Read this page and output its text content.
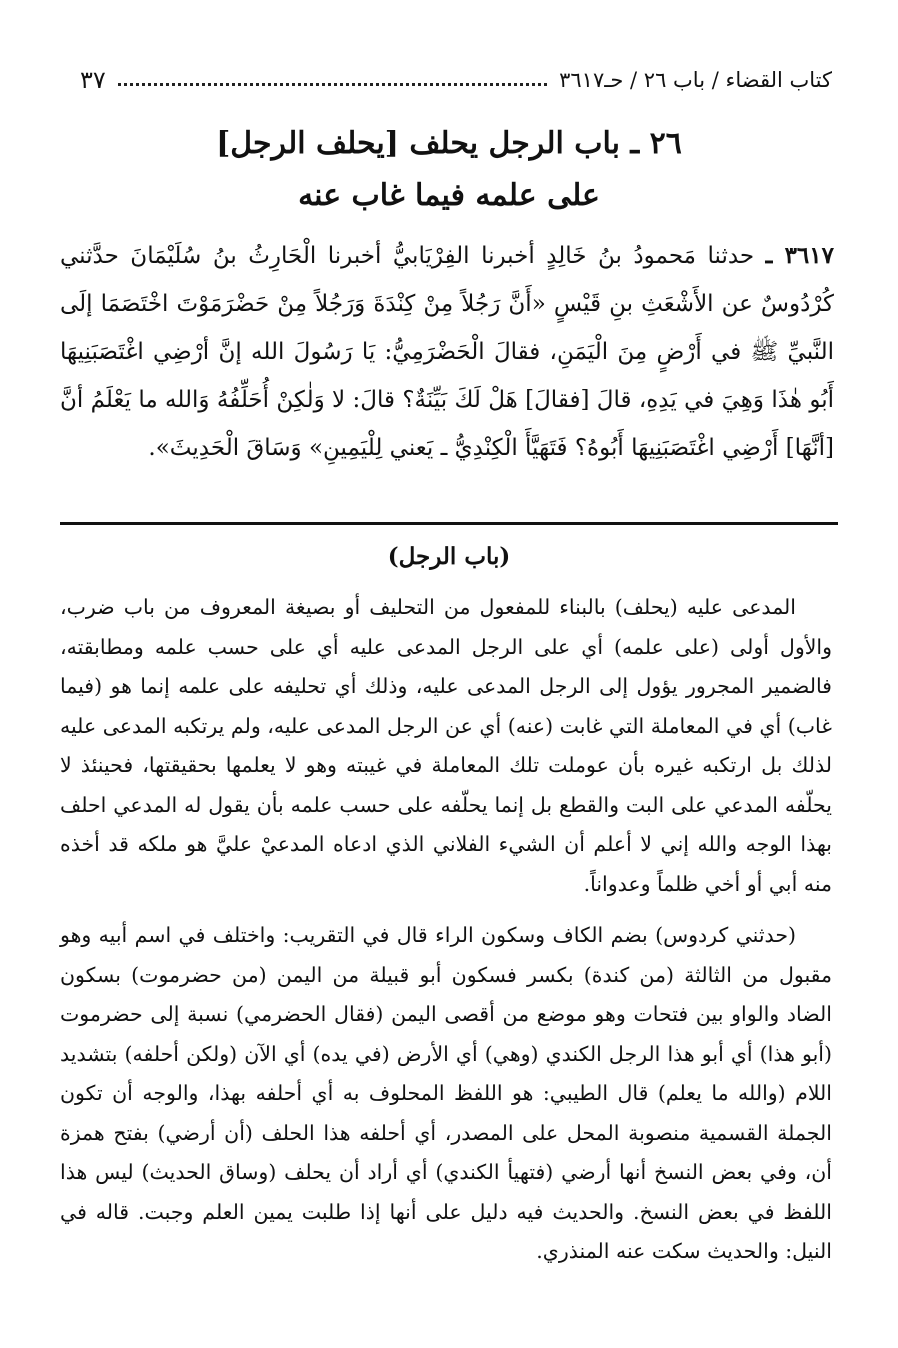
كتاب القضاء / باب ٢٦ / حـ٣٦١٧
٣٧
٢٦ ـ باب الرجل يحلف [يحلف الرجل]
على علمه فيما غاب عنه
٣٦١٧ ـ حدثنا مَحمودُ بنُ خَالِدٍ أخبرنا الفِرْيَابيُّ أخبرنا الْحَارِثُ بنُ سُلَيْمَانَ حدَّثني كُرْدُوسٌ عن الأَشْعَثِ بنِ قَيْسٍ «أَنَّ رَجُلاً مِنْ كِنْدَةَ وَرَجُلاً مِنْ حَضْرَمَوْتَ اخْتَصَمَا إلَى النَّبيِّ ﷺ في أَرْضٍ مِنَ الْيَمَنِ، فقالَ الْحَضْرَمِيُّ: يَا رَسُولَ الله إنَّ أرْضِي اغْتَصَبَنِيهَا أَبُو هٰذَا وَهِيَ في يَدِهِ، قالَ [فقالَ] هَلْ لَكَ بَيِّنَةٌ؟ قالَ: لا وَلٰكِنْ أُحَلِّفُهُ وَالله ما يَعْلَمُ أنَّ [أنَّهَا] أَرْضِي اغْتَصَبَنِيهَا أَبُوهُ؟ فَتَهَيَّأَ الْكِنْدِيُّ ـ يَعني لِلْيَمِينِ» وَسَاقَ الْحَدِيثَ».
(باب الرجل)

المدعى عليه (يحلف) بالبناء للمفعول من التحليف أو بصيغة المعروف من باب ضرب، والأول أولى (على علمه) أي على الرجل المدعى عليه أي على حسب علمه ومطابقته، فالضمير المجرور يؤول إلى الرجل المدعى عليه، وذلك أي تحليفه على علمه إنما هو (فيما غاب) أي في المعاملة التي غابت (عنه) أي عن الرجل المدعى عليه، ولم يرتكبه المدعى عليه لذلك بل ارتكبه غيره بأن عوملت تلك المعاملة في غيبته وهو لا يعلمها بحقيقتها، فحينئذ لا يحلّفه المدعي على البت والقطع بل إنما يحلّفه على حسب علمه بأن يقول له المدعي احلف بهذا الوجه والله إني لا أعلم أن الشيء الفلاني الذي ادعاه المدعيْ عليَّ هو ملكه قد أخذه منه أبي أو أخي ظلماً وعدواناً.

(حدثني كردوس) بضم الكاف وسكون الراء قال في التقريب: واختلف في اسم أبيه وهو مقبول من الثالثة (من كندة) بكسر فسكون أبو قبيلة من اليمن (من حضرموت) بسكون الضاد والواو بين فتحات وهو موضع من أقصى اليمن (فقال الحضرمي) نسبة إلى حضرموت (أبو هذا) أي أبو هذا الرجل الكندي (وهي) أي الأرض (في يده) أي الآن (ولكن أحلفه) بتشديد اللام (والله ما يعلم) قال الطيبي: هو اللفظ المحلوف به أي أحلفه بهذا، والوجه أن تكون الجملة القسمية منصوبة المحل على المصدر، أي أحلفه هذا الحلف (أن أرضي) بفتح همزة أن، وفي بعض النسخ أنها أرضي (فتهيأ الكندي) أي أراد أن يحلف (وساق الحديث) ليس هذا اللفظ في بعض النسخ. والحديث فيه دليل على أنها إذا طلبت يمين العلم وجبت. قاله في النيل: والحديث سكت عنه المنذري.
